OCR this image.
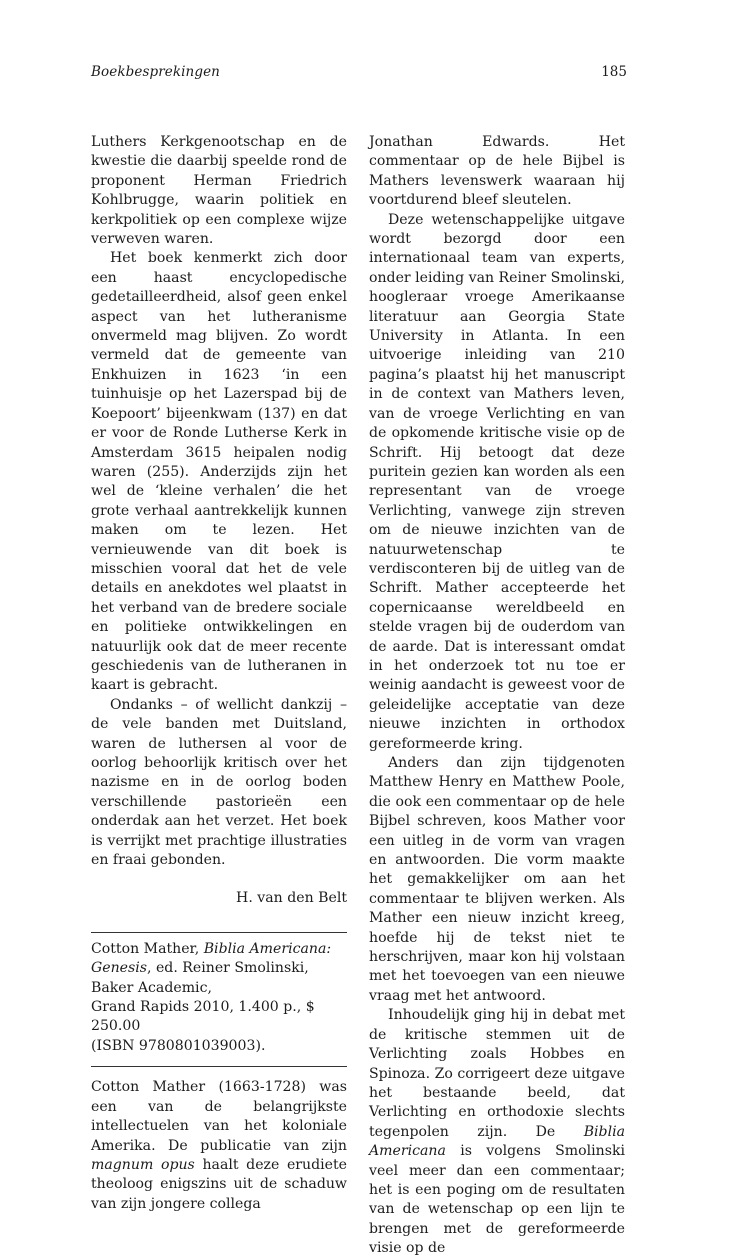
Boekbesprekingen	185

Luthers Kerkgenootschap en de kwestie die daarbij speelde rond de proponent Herman Friedrich Kohlbrugge, waarin politiek en kerkpolitiek op een complexe wijze verweven waren.

Het boek kenmerkt zich door een haast encyclopedische gedetailleerdheid, alsof geen enkel aspect van het lutheranisme onvermeld mag blijven. Zo wordt vermeld dat de gemeente van Enkhuizen in 1623 ‘in een tuinhuisje op het Lazerspad bij de Koepoort’ bijeenkwam (137) en dat er voor de Ronde Lutherse Kerk in Amsterdam 3615 heipalen nodig waren (255). Anderzijds zijn het wel de ‘kleine verhalen’ die het grote verhaal aantrekkelijk kunnen maken om te lezen. Het vernieuwende van dit boek is misschien vooral dat het de vele details en anekdotes wel plaatst in het verband van de bredere sociale en politieke ontwikkelingen en natuurlijk ook dat de meer recente geschiedenis van de lutheranen in kaart is gebracht.

Ondanks – of wellicht dankzij – de vele banden met Duitsland, waren de luthersen al voor de oorlog behoorlijk kritisch over het nazisme en in de oorlog boden verschillende pastorieën een onderdak aan het verzet. Het boek is verrijkt met prachtige illustraties en fraai gebonden.

H. van den Belt

Cotton Mather, Biblia Americana: Genesis, ed. Reiner Smolinski, Baker Academic,
Grand Rapids 2010, 1.400 p., $ 250.00
(ISBN 9780801039003).

Cotton Mather (1663-1728) was een van de belangrijkste intellectuelen van het koloniale Amerika. De publicatie van zijn magnum opus haalt deze erudiete theoloog enigszins uit de schaduw van zijn jongere collega

Jonathan Edwards. Het commentaar op de hele Bijbel is Mathers levenswerk waaraan hij voortdurend bleef sleutelen.

Deze wetenschappelijke uitgave wordt bezorgd door een internationaal team van experts, onder leiding van Reiner Smolinski, hoogleraar vroege Amerikaanse literatuur aan Georgia State University in Atlanta. In een uitvoerige inleiding van 210 pagina’s plaatst hij het manuscript in de context van Mathers leven, van de vroege Verlichting en van de opkomende kritische visie op de Schrift. Hij betoogt dat deze puritein gezien kan worden als een representant van de vroege Verlichting, vanwege zijn streven om de nieuwe inzichten van de natuurwetenschap te verdisconteren bij de uitleg van de Schrift. Mather accepteerde het copernicaanse wereldbeeld en stelde vragen bij de ouderdom van de aarde. Dat is interessant omdat in het onderzoek tot nu toe er weinig aandacht is geweest voor de geleidelijke acceptatie van deze nieuwe inzichten in orthodox gereformeerde kring.

Anders dan zijn tijdgenoten Matthew Henry en Matthew Poole, die ook een commentaar op de hele Bijbel schreven, koos Mather voor een uitleg in de vorm van vragen en antwoorden. Die vorm maakte het gemakkelijker om aan het commentaar te blijven werken. Als Mather een nieuw inzicht kreeg, hoefde hij de tekst niet te herschrijven, maar kon hij volstaan met het toevoegen van een nieuwe vraag met het antwoord.

Inhoudelijk ging hij in debat met de kritische stemmen uit de Verlichting zoals Hobbes en Spinoza. Zo corrigeert deze uitgave het bestaande beeld, dat Verlichting en orthodoxie slechts tegenpolen zijn. De Biblia Americana is volgens Smolinski veel meer dan een commentaar; het is een poging om de resultaten van de wetenschap op een lijn te brengen met de gereformeerde visie op de
